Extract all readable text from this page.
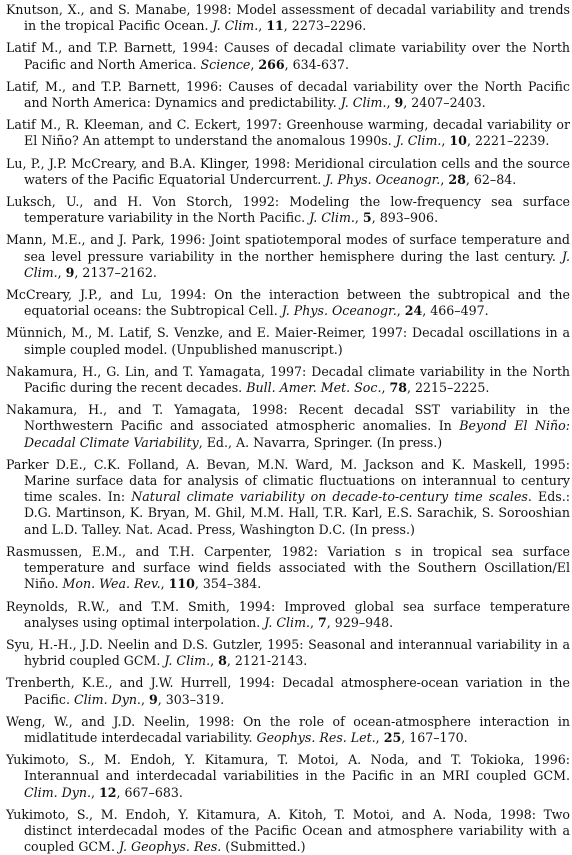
Knutson, X., and S. Manabe, 1998: Model assessment of decadal variability and trends in the tropical Pacific Ocean. J. Clim., 11, 2273–2296.

Latif M., and T.P. Barnett, 1994: Causes of decadal climate variability over the North Pacific and North America. Science, 266, 634-637.

Latif, M., and T.P. Barnett, 1996: Causes of decadal variability over the North Pacific and North America: Dynamics and predictability. J. Clim., 9, 2407–2403.

Latif M., R. Kleeman, and C. Eckert, 1997: Greenhouse warming, decadal variability or El Niño? An attempt to understand the anomalous 1990s. J. Clim., 10, 2221–2239.

Lu, P., J.P. McCreary, and B.A. Klinger, 1998: Meridional circulation cells and the source waters of the Pacific Equatorial Undercurrent. J. Phys. Oceanogr., 28, 62–84.

Luksch, U., and H. Von Storch, 1992: Modeling the low-frequency sea surface temperature variability in the North Pacific. J. Clim., 5, 893–906.

Mann, M.E., and J. Park, 1996: Joint spatiotemporal modes of surface temperature and sea level pressure variability in the norther hemisphere during the last century. J. Clim., 9, 2137–2162.

McCreary, J.P., and Lu, 1994: On the interaction between the subtropical and the equatorial oceans: the Subtropical Cell. J. Phys. Oceanogr., 24, 466–497.

Münnich, M., M. Latif, S. Venzke, and E. Maier-Reimer, 1997: Decadal oscillations in a simple coupled model. (Unpublished manuscript.)

Nakamura, H., G. Lin, and T. Yamagata, 1997: Decadal climate variability in the North Pacific during the recent decades. Bull. Amer. Met. Soc., 78, 2215–2225.

Nakamura, H., and T. Yamagata, 1998: Recent decadal SST variability in the Northwestern Pacific and associated atmospheric anomalies. In Beyond El Niño: Decadal Climate Variability, Ed., A. Navarra, Springer. (In press.)

Parker D.E., C.K. Folland, A. Bevan, M.N. Ward, M. Jackson and K. Maskell, 1995: Marine surface data for analysis of climatic fluctuations on interannual to century time scales. In: Natural climate variability on decade-to-century time scales. Eds.: D.G. Martinson, K. Bryan, M. Ghil, M.M. Hall, T.R. Karl, E.S. Sarachik, S. Sorooshian and L.D. Talley. Nat. Acad. Press, Washington D.C. (In press.)

Rasmussen, E.M., and T.H. Carpenter, 1982: Variation s in tropical sea surface temperature and surface wind fields associated with the Southern Oscillation/El Niño. Mon. Wea. Rev., 110, 354–384.

Reynolds, R.W., and T.M. Smith, 1994: Improved global sea surface temperature analyses using optimal interpolation. J. Clim., 7, 929–948.

Syu, H.-H., J.D. Neelin and D.S. Gutzler, 1995: Seasonal and interannual variability in a hybrid coupled GCM. J. Clim., 8, 2121-2143.

Trenberth, K.E., and J.W. Hurrell, 1994: Decadal atmosphere-ocean variation in the Pacific. Clim. Dyn., 9, 303–319.

Weng, W., and J.D. Neelin, 1998: On the role of ocean-atmosphere interaction in midlatitude interdecadal variability. Geophys. Res. Let., 25, 167–170.

Yukimoto, S., M. Endoh, Y. Kitamura, T. Motoi, A. Noda, and T. Tokioka, 1996: Interannual and interdecadal variabilities in the Pacific in an MRI coupled GCM. Clim. Dyn., 12, 667–683.

Yukimoto, S., M. Endoh, Y. Kitamura, A. Kitoh, T. Motoi, and A. Noda, 1998: Two distinct interdecadal modes of the Pacific Ocean and atmosphere variability with a coupled GCM. J. Geophys. Res. (Submitted.)
